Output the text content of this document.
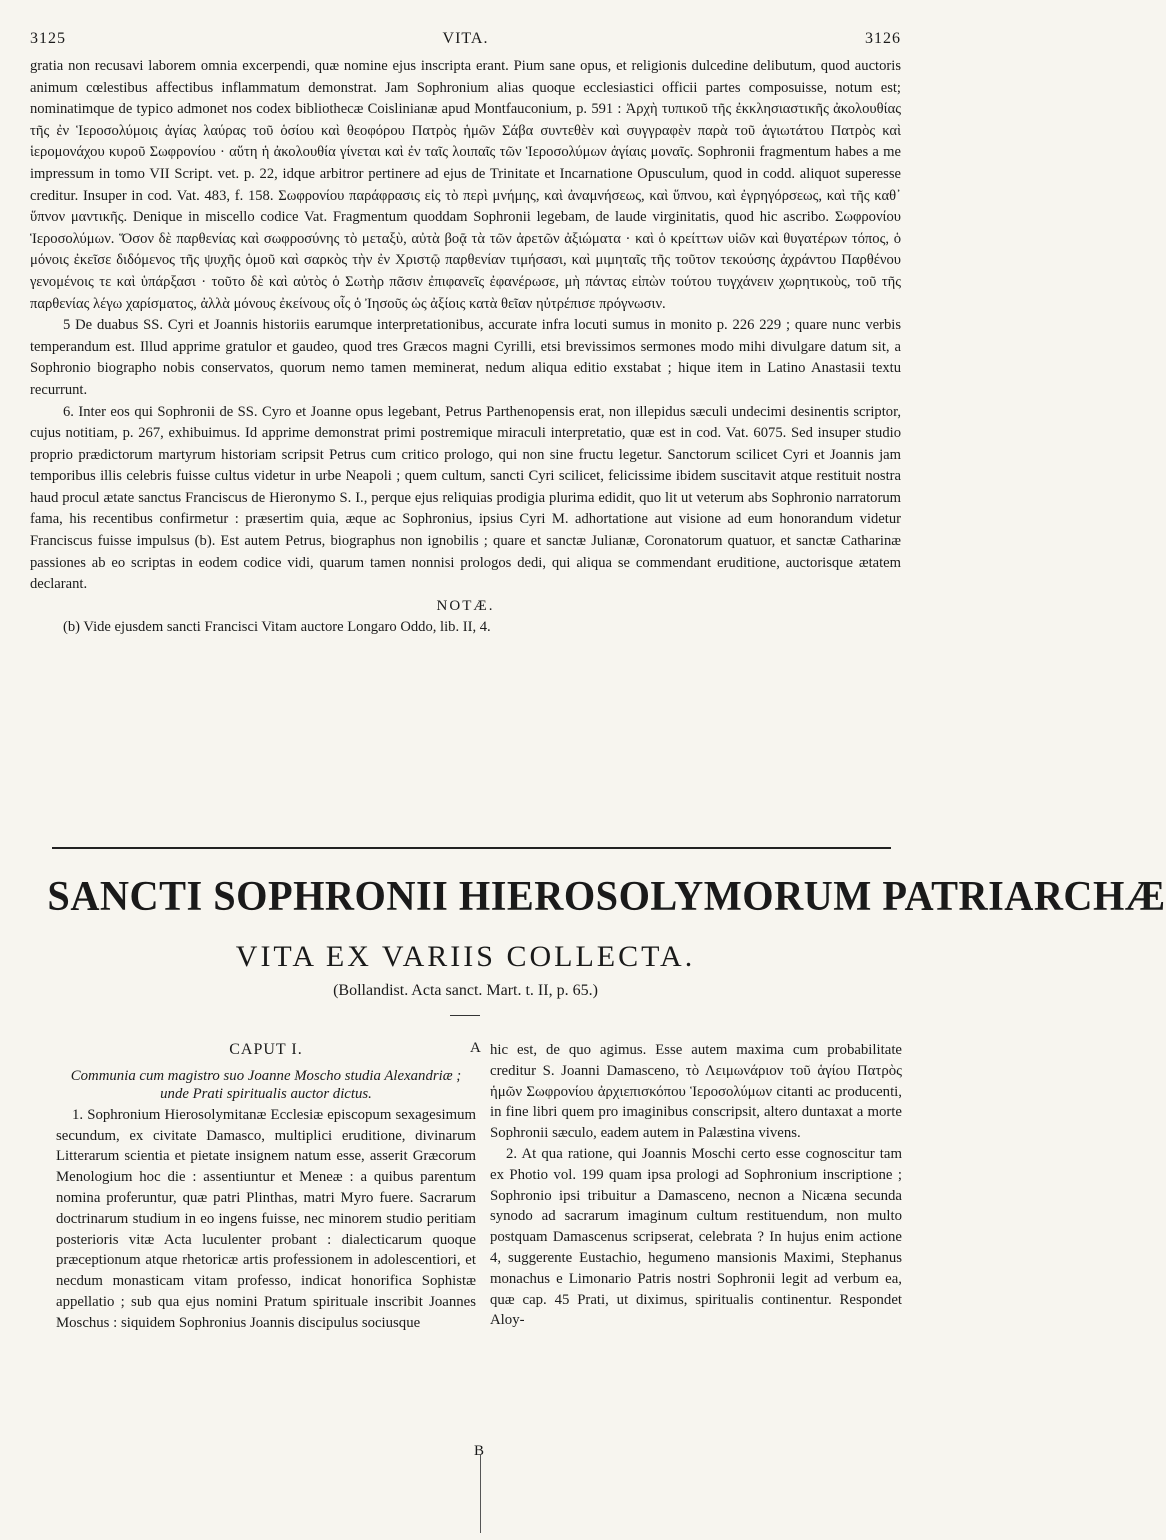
3125	VITA.	3126

gratia non recusavi laborem omnia excerpendi, quæ nomine ejus inscripta erant. Pium sane opus, et religionis dulcedine delibutum, quod auctoris animum cœlestibus affectibus inflammatum demonstrat. Jam Sophronium alias quoque ecclesiastici officii partes composuisse, notum est; nominatimque de typico admonet nos codex bibliothecæ Coislinianæ apud Montfauconium, p. 591 : Ἀρχὴ τυπικοῦ τῆς ἐκκλησιαστικῆς ἀκολουθίας τῆς ἐν Ἱεροσολύμοις ἁγίας λαύρας τοῦ ὁσίου καὶ θεοφόρου Πατρὸς ἡμῶν Σάβα συντεθὲν καὶ συγγραφὲν παρὰ τοῦ ἁγιωτάτου Πατρὸς καὶ ἱερομονάχου κυροῦ Σωφρονίου · αὕτη ἡ ἀκολουθία γίνεται καὶ ἐν ταῖς λοιπαῖς τῶν Ἱεροσολύμων ἁγίαις μοναῖς. Sophronii fragmentum habes a me impressum in tomo VII Script. vet. p. 22, idque arbitror pertinere ad ejus de Trinitate et Incarnatione Opusculum, quod in codd. aliquot superesse creditur. Insuper in cod. Vat. 483, f. 158. Σωφρονίου παράφρασις εἰς τὸ περὶ μνήμης, καὶ ἀναμνήσεως, καὶ ὕπνου, καὶ ἐγρηγόρσεως, καὶ τῆς καθ᾽ ὕπνον μαντικῆς. Denique in miscello codice Vat. Fragmentum quoddam Sophronii legebam, de laude virginitatis, quod hic ascribo. Σωφρονίου Ἱεροσολύμων. Ὅσον δὲ παρθενίας καὶ σωφροσύνης τὸ μεταξὺ, αὐτὰ βοᾷ τὰ τῶν ἀρετῶν ἀξιώματα · καὶ ὁ κρείττων υἱῶν καὶ θυγατέρων τόπος, ὁ μόνοις ἐκεῖσε διδόμενος τῆς ψυχῆς ὁμοῦ καὶ σαρκὸς τὴν ἐν Χριστῷ παρθενίαν τιμήσασι, καὶ μιμηταῖς τῆς τοῦτον τεκούσης ἀχράντου Παρθένου γενομένοις τε καὶ ὑπάρξασι · τοῦτο δὲ καὶ αὐτὸς ὁ Σωτὴρ πᾶσιν ἐπιφανεῖς ἐφανέρωσε, μὴ πάντας εἰπὼν τούτου τυγχάνειν χωρητικοὺς, τοῦ τῆς παρθενίας λέγω χαρίσματος, ἀλλὰ μόνους ἐκείνους οἷς ὁ Ἰησοῦς ὡς ἀξίοις κατὰ θεῖαν ηὐτρέπισε πρόγνωσιν.

5 De duabus SS. Cyri et Joannis historiis earumque interpretationibus, accurate infra locuti sumus in monito p. 226 229 ; quare nunc verbis temperandum est. Illud apprime gratulor et gaudeo, quod tres Græcos magni Cyrilli, etsi brevissimos sermones modo mihi divulgare datum sit, a Sophronio biographo nobis conservatos, quorum nemo tamen meminerat, nedum aliqua editio exstabat ; hique item in Latino Anastasii textu recurrunt.

6. Inter eos qui Sophronii de SS. Cyro et Joanne opus legebant, Petrus Parthenopensis erat, non illepidus sæculi undecimi desinentis scriptor, cujus notitiam, p. 267, exhibuimus. Id apprime demonstrat primi postremique miraculi interpretatio, quæ est in cod. Vat. 6075. Sed insuper studio proprio prædictorum martyrum historiam scripsit Petrus cum critico prologo, qui non sine fructu legetur. Sanctorum scilicet Cyri et Joannis jam temporibus illis celebris fuisse cultus videtur in urbe Neapoli ; quem cultum, sancti Cyri scilicet, felicissime ibidem suscitavit atque restituit nostra haud procul ætate sanctus Franciscus de Hieronymo S. I., perque ejus reliquias prodigia plurima edidit, quo lit ut veterum abs Sophronio narratorum fama, his recentibus confirmetur : præsertim quia, æque ac Sophronius, ipsius Cyri M. adhortatione aut visione ad eum honorandum videtur Franciscus fuisse impulsus (b). Est autem Petrus, biographus non ignobilis ; quare et sanctæ Julianæ, Coronatorum quatuor, et sanctæ Catharinæ passiones ab eo scriptas in eodem codice vidi, quarum tamen nonnisi prologos dedi, qui aliqua se commendant eruditione, auctorisque ætatem declarant.

NOTÆ.

(b) Vide ejusdem sancti Francisci Vitam auctore Longaro Oddo, lib. II, 4.

SANCTI SOPHRONII HIEROSOLYMORUM PATRIARCHÆ
VITA EX VARIIS COLLECTA.
(Bollandist. Acta sanct. Mart. t. II, p. 65.)
CAPUT I.
Communia cum magistro suo Joanne Moscho studia Alexandriæ ; unde Prati spiritualis auctor dictus.

1. Sophronium Hierosolymitanæ Ecclesiæ episcopum sexagesimum secundum, ex civitate Damasco, multiplici eruditione, divinarum Litterarum scientia et pietate insignem natum esse, asserit Græcorum Menologium hoc die : assentiuntur et Meneæ : a quibus parentum nomina proferuntur, quæ patri Plinthas, matri Myro fuere. Sacrarum doctrinarum studium in eo ingens fuisse, nec minorem studio peritiam posterioris vitæ Acta luculenter probant : dialecticarum quoque præceptionum atque rhetoricæ artis professionem in adolescentiori, et necdum monasticam vitam professo, indicat honorifica Sophistæ appellatio ; sub qua ejus nomini Pratum spirituale inscribit Joannes Moschus : siquidem Sophronius Joannis discipulus sociusque

A
B

hic est, de quo agimus. Esse autem maxima cum probabilitate creditur S. Joanni Damasceno, τὸ Λειμωνάριον τοῦ ἁγίου Πατρὸς ἡμῶν Σωφρονίου ἀρχιεπισκόπου Ἱεροσολύμων citanti ac producenti, in fine libri quem pro imaginibus conscripsit, altero duntaxat a morte Sophronii sæculo, eadem autem in Palæstina vivens.

2. At qua ratione, qui Joannis Moschi certo esse cognoscitur tam ex Photio vol. 199 quam ipsa prologi ad Sophronium inscriptione ; Sophronio ipsi tribuitur a Damasceno, necnon a Nicæna secunda synodo ad sacrarum imaginum cultum restituendum, non multo postquam Damascenus scripserat, celebrata ? In hujus enim actione 4, suggerente Eustachio, hegumeno mansionis Maximi, Stephanus monachus e Limonario Patris nostri Sophronii legit ad verbum ea, quæ cap. 45 Prati, ut diximus, spiritualis continentur. Respondet Aloy-
